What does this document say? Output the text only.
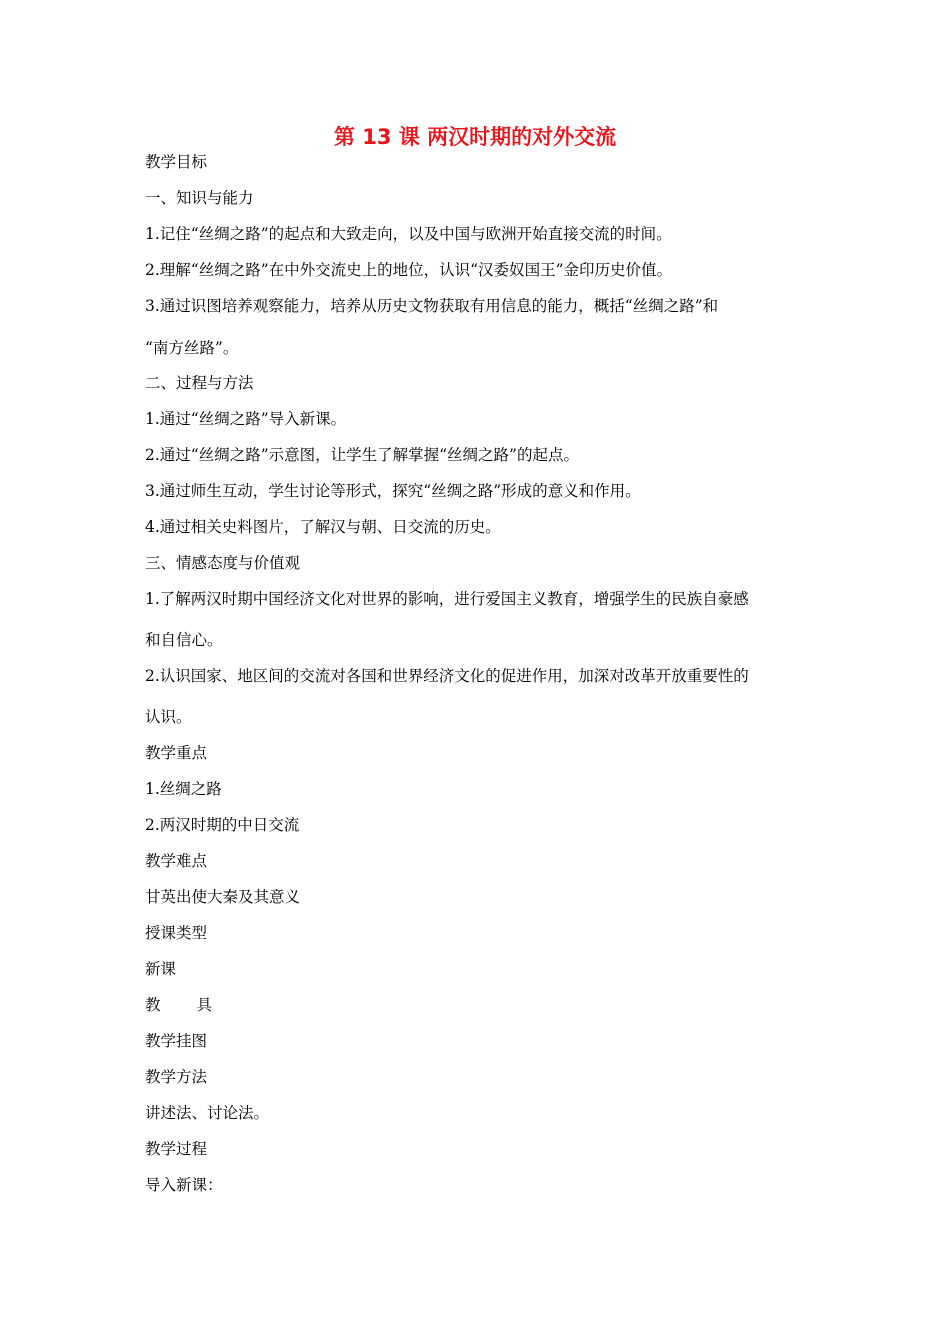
第 13 课 两汉时期的对外交流
教学目标
一、知识与能力
1.记住“丝绸之路”的起点和大致走向，以及中国与欧洲开始直接交流的时间。
2.理解“丝绸之路”在中外交流史上的地位，认识“汉委奴国王”金印历史价值。
3.通过识图培养观察能力，培养从历史文物获取有用信息的能力，概括“丝绸之路”和
“南方丝路”。
二、过程与方法
1.通过“丝绸之路”导入新课。
2.通过“丝绸之路”示意图，让学生了解掌握“丝绸之路”的起点。
3.通过师生互动，学生讨论等形式，探究“丝绸之路”形成的意义和作用。
4.通过相关史料图片，了解汉与朝、日交流的历史。
三、情感态度与价值观
1.了解两汉时期中国经济文化对世界的影响，进行爱国主义教育，增强学生的民族自豪感
和自信心。
2.认识国家、地区间的交流对各国和世界经济文化的促进作用，加深对改革开放重要性的
认识。
教学重点
1.丝绸之路
2.两汉时期的中日交流
教学难点
甘英出使大秦及其意义
授课类型
新课
教 具
教学挂图
教学方法
讲述法、讨论法。
教学过程
导入新课：
